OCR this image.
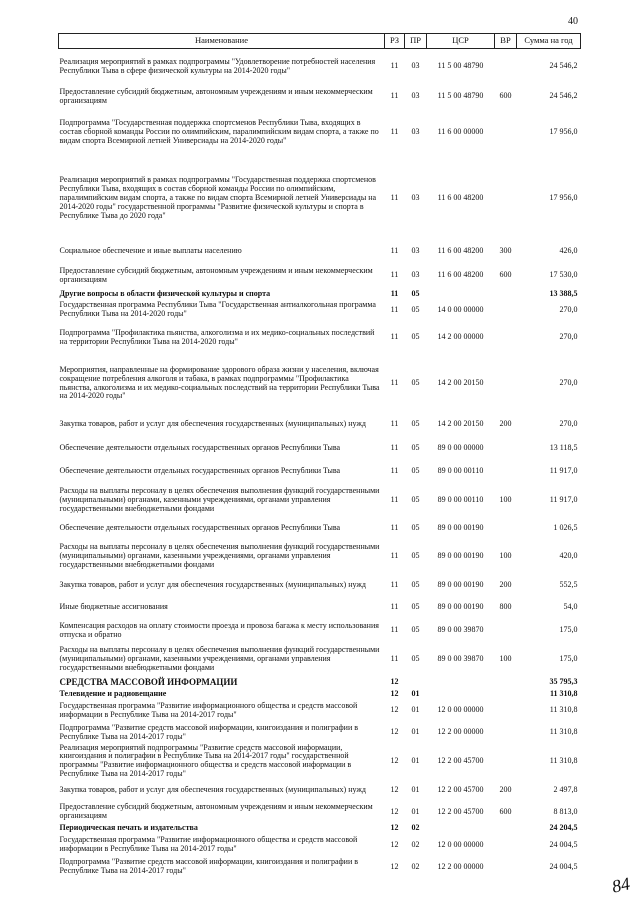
40
Наименование	РЗ	ПР	ЦСР	ВР	Сумма на год
Реализация мероприятий в рамках подпрограммы "Удовлетворение потребностей населения Республики Тыва в сфере физической культуры на 2014-2020 годы"	11	03	11 5 00 48790		24 546,2
Предоставление субсидий бюджетным, автономным учреждениям и иным некоммерческим организациям	11	03	11 5 00 48790	600	24 546,2
Подпрограмма "Государственная поддержка спортсменов Республики Тыва, входящих в состав сборной команды России по олимпийским, паралимпийским видам спорта, а также по видам спорта Всемирной летней Универсиады на 2014-2020 годы"	11	03	11 6 00 00000		17 956,0
Реализация мероприятий в рамках подпрограммы "Государственная поддержка спортсменов Республики Тыва, входящих в состав сборной команды России по олимпийским, паралимпийским видам спорта, а также по видам спорта Всемирной летней Универсиады на 2014-2020 годы" государственной программы "Развитие физической культуры и спорта в Республике Тыва до 2020 года"	11	03	11 6 00 48200		17 956,0
Социальное обеспечение и иные выплаты населению	11	03	11 6 00 48200	300	426,0
Предоставление субсидий бюджетным, автономным учреждениям и иным некоммерческим организациям	11	03	11 6 00 48200	600	17 530,0
Другие вопросы в области физической культуры и спорта	11	05			13 388,5
Государственная программа Республики Тыва "Государственная антиалкогольная программа Республики Тыва на 2014-2020 годы"	11	05	14 0 00 00000		270,0
Подпрограмма "Профилактика пьянства, алкоголизма и их медико-социальных последствий на территории Республики Тыва на 2014-2020 годы"	11	05	14 2 00 00000		270,0
Мероприятия, направленные на формирование здорового образа жизни у населения, включая сокращение потребления алкоголя и табака, в рамках подпрограммы "Профилактика пьянства, алкоголизма и их медико-социальных последствий на территории Республики Тыва на 2014-2020 годы"	11	05	14 2 00 20150		270,0
Закупка товаров, работ и услуг для обеспечения государственных (муниципальных) нужд	11	05	14 2 00 20150	200	270,0
Обеспечение деятельности отдельных государственных органов Республики Тыва	11	05	89 0 00 00000		13 118,5
Обеспечение деятельности отдельных государственных органов Республики Тыва	11	05	89 0 00 00110		11 917,0
Расходы на выплаты персоналу в целях обеспечения выполнения функций государственными (муниципальными) органами, казенными учреждениями, органами управления государственными внебюджетными фондами	11	05	89 0 00 00110	100	11 917,0
Обеспечение деятельности отдельных государственных органов Республики Тыва	11	05	89 0 00 00190		1 026,5
Расходы на выплаты персоналу в целях обеспечения выполнения функций государственными (муниципальными) органами, казенными учреждениями, органами управления государственными внебюджетными фондами	11	05	89 0 00 00190	100	420,0
Закупка товаров, работ и услуг для обеспечения государственных (муниципальных) нужд	11	05	89 0 00 00190	200	552,5
Иные бюджетные ассигнования	11	05	89 0 00 00190	800	54,0
Компенсация расходов на оплату стоимости проезда и провоза багажа к месту использования отпуска и обратно	11	05	89 0 00 39870		175,0
Расходы на выплаты персоналу в целях обеспечения выполнения функций государственными (муниципальными) органами, казенными учреждениями, органами управления государственными внебюджетными фондами	11	05	89 0 00 39870	100	175,0
СРЕДСТВА МАССОВОЙ ИНФОРМАЦИИ	12				35 795,3
Телевидение и радиовещание	12	01			11 310,8
Государственная программа "Развитие информационного общества и средств массовой информации в Республике Тыва на 2014-2017 годы"	12	01	12 0 00 00000		11 310,8
Подпрограмма "Развитие средств массовой информации, книгоиздания и полиграфии в Республике Тыва на 2014-2017 годы"	12	01	12 2 00 00000		11 310,8
Реализация мероприятий подпрограммы "Развитие средств массовой информации, книгоиздания и полиграфии в Республике Тыва на 2014-2017 годы" государственной программы "Развитие информационного общества и средств массовой информации в Республике Тыва на 2014-2017 годы"	12	01	12 2 00 45700		11 310,8
Закупка товаров, работ и услуг для обеспечения государственных (муниципальных) нужд	12	01	12 2 00 45700	200	2 497,8
Предоставление субсидий бюджетным, автономным учреждениям и иным некоммерческим организациям	12	01	12 2 00 45700	600	8 813,0
Периодическая печать и издательства	12	02			24 204,5
Государственная программа "Развитие информационного общества и средств массовой информации в Республике Тыва на 2014-2017 годы"	12	02	12 0 00 00000		24 004,5
Подпрограмма "Развитие средств массовой информации, книгоиздания и полиграфии в Республике Тыва на 2014-2017 годы"	12	02	12 2 00 00000		24 004,5
84
